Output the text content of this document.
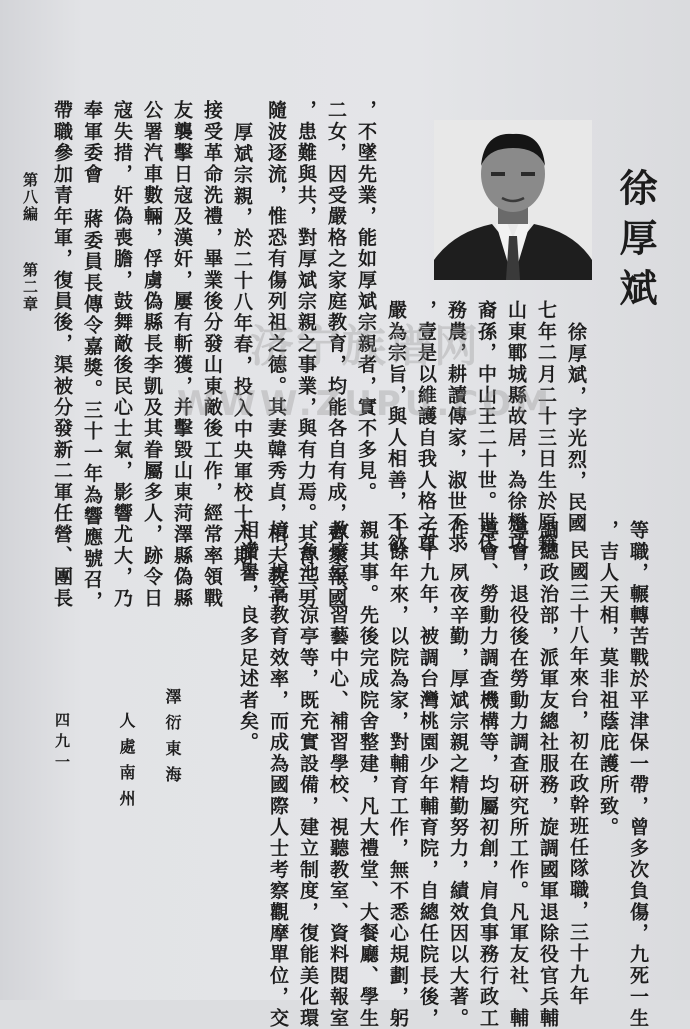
徐厚斌
徐厚斌，字光烈，民國
七年二月二十三日生於原籍
山東鄆城縣故居，為徐懋功
裔孫，中山王二十世。世代
務農，耕讀傳家，淑世不求
，壹是以維護自我人格之尊
嚴為宗旨，與人相善，不欲
，不墜先業，能如厚斌宗親者，實不多見。
二女，因受嚴格之家庭教育，均能各自有成，齊家報國
，患難與共，對厚斌宗親之事業，與有力焉。其育三男
隨波逐流，惟恐有傷列祖之德。其妻韓秀貞，相夫教子
厚斌宗親，於二十八年春，投入中央軍校十六期，
接受革命洗禮，畢業後分發山東敵後工作，經常率領戰
友襲擊日寇及漢奸，屢有斬獲，并擊毀山東菏澤縣偽縣
公署汽車數輛，俘虜偽縣長李凱及其眷屬多人，跡令日
寇失措，奸偽喪膽，鼓舞敵後民心士氣，影響尤大，乃
奉軍委會 蔣委員長傳令嘉獎。三十一年為響應號召，
帶職參加青年軍，復員後，渠被分發新二軍任營、團長
等職，輾轉苦戰於平津保一帶，曾多次負傷，九死一生
，吉人天相，莫非祖蔭庇護所致。
民國三十八年來台，初在政幹班任隊職，三十九年
調總政治部，派軍友總社服務，旋調國軍退除役官兵輔
導會，退役後在勞動力調查研究所工作。凡軍友社、輔
導會、勞動力調查機構等，均屬初創，肩負事務行政工
作，夙夜辛勤，厚斌宗親之精勤努力，績效因以大著。
五十九年，被調台灣桃園少年輔育院，自總任院長後，
十餘年來，以院為家，對輔育工作，無不悉心規劃，躬
親其事。先後完成院舍整建，凡大禮堂、大餐廳、學生
教廢室、習藝中心、補習學校、視聽教室、資料閱報室
、魚池、涼亭等，既充實設備，建立制度，復能美化環
境，提高教育效率，而成為國際人士考察觀摩單位，交
相讚譽，良多足述者矣。
澤衍東海
人處南州
四九一
第八編
第二章
济宁族谱网
WWW.ZUPU.COM
